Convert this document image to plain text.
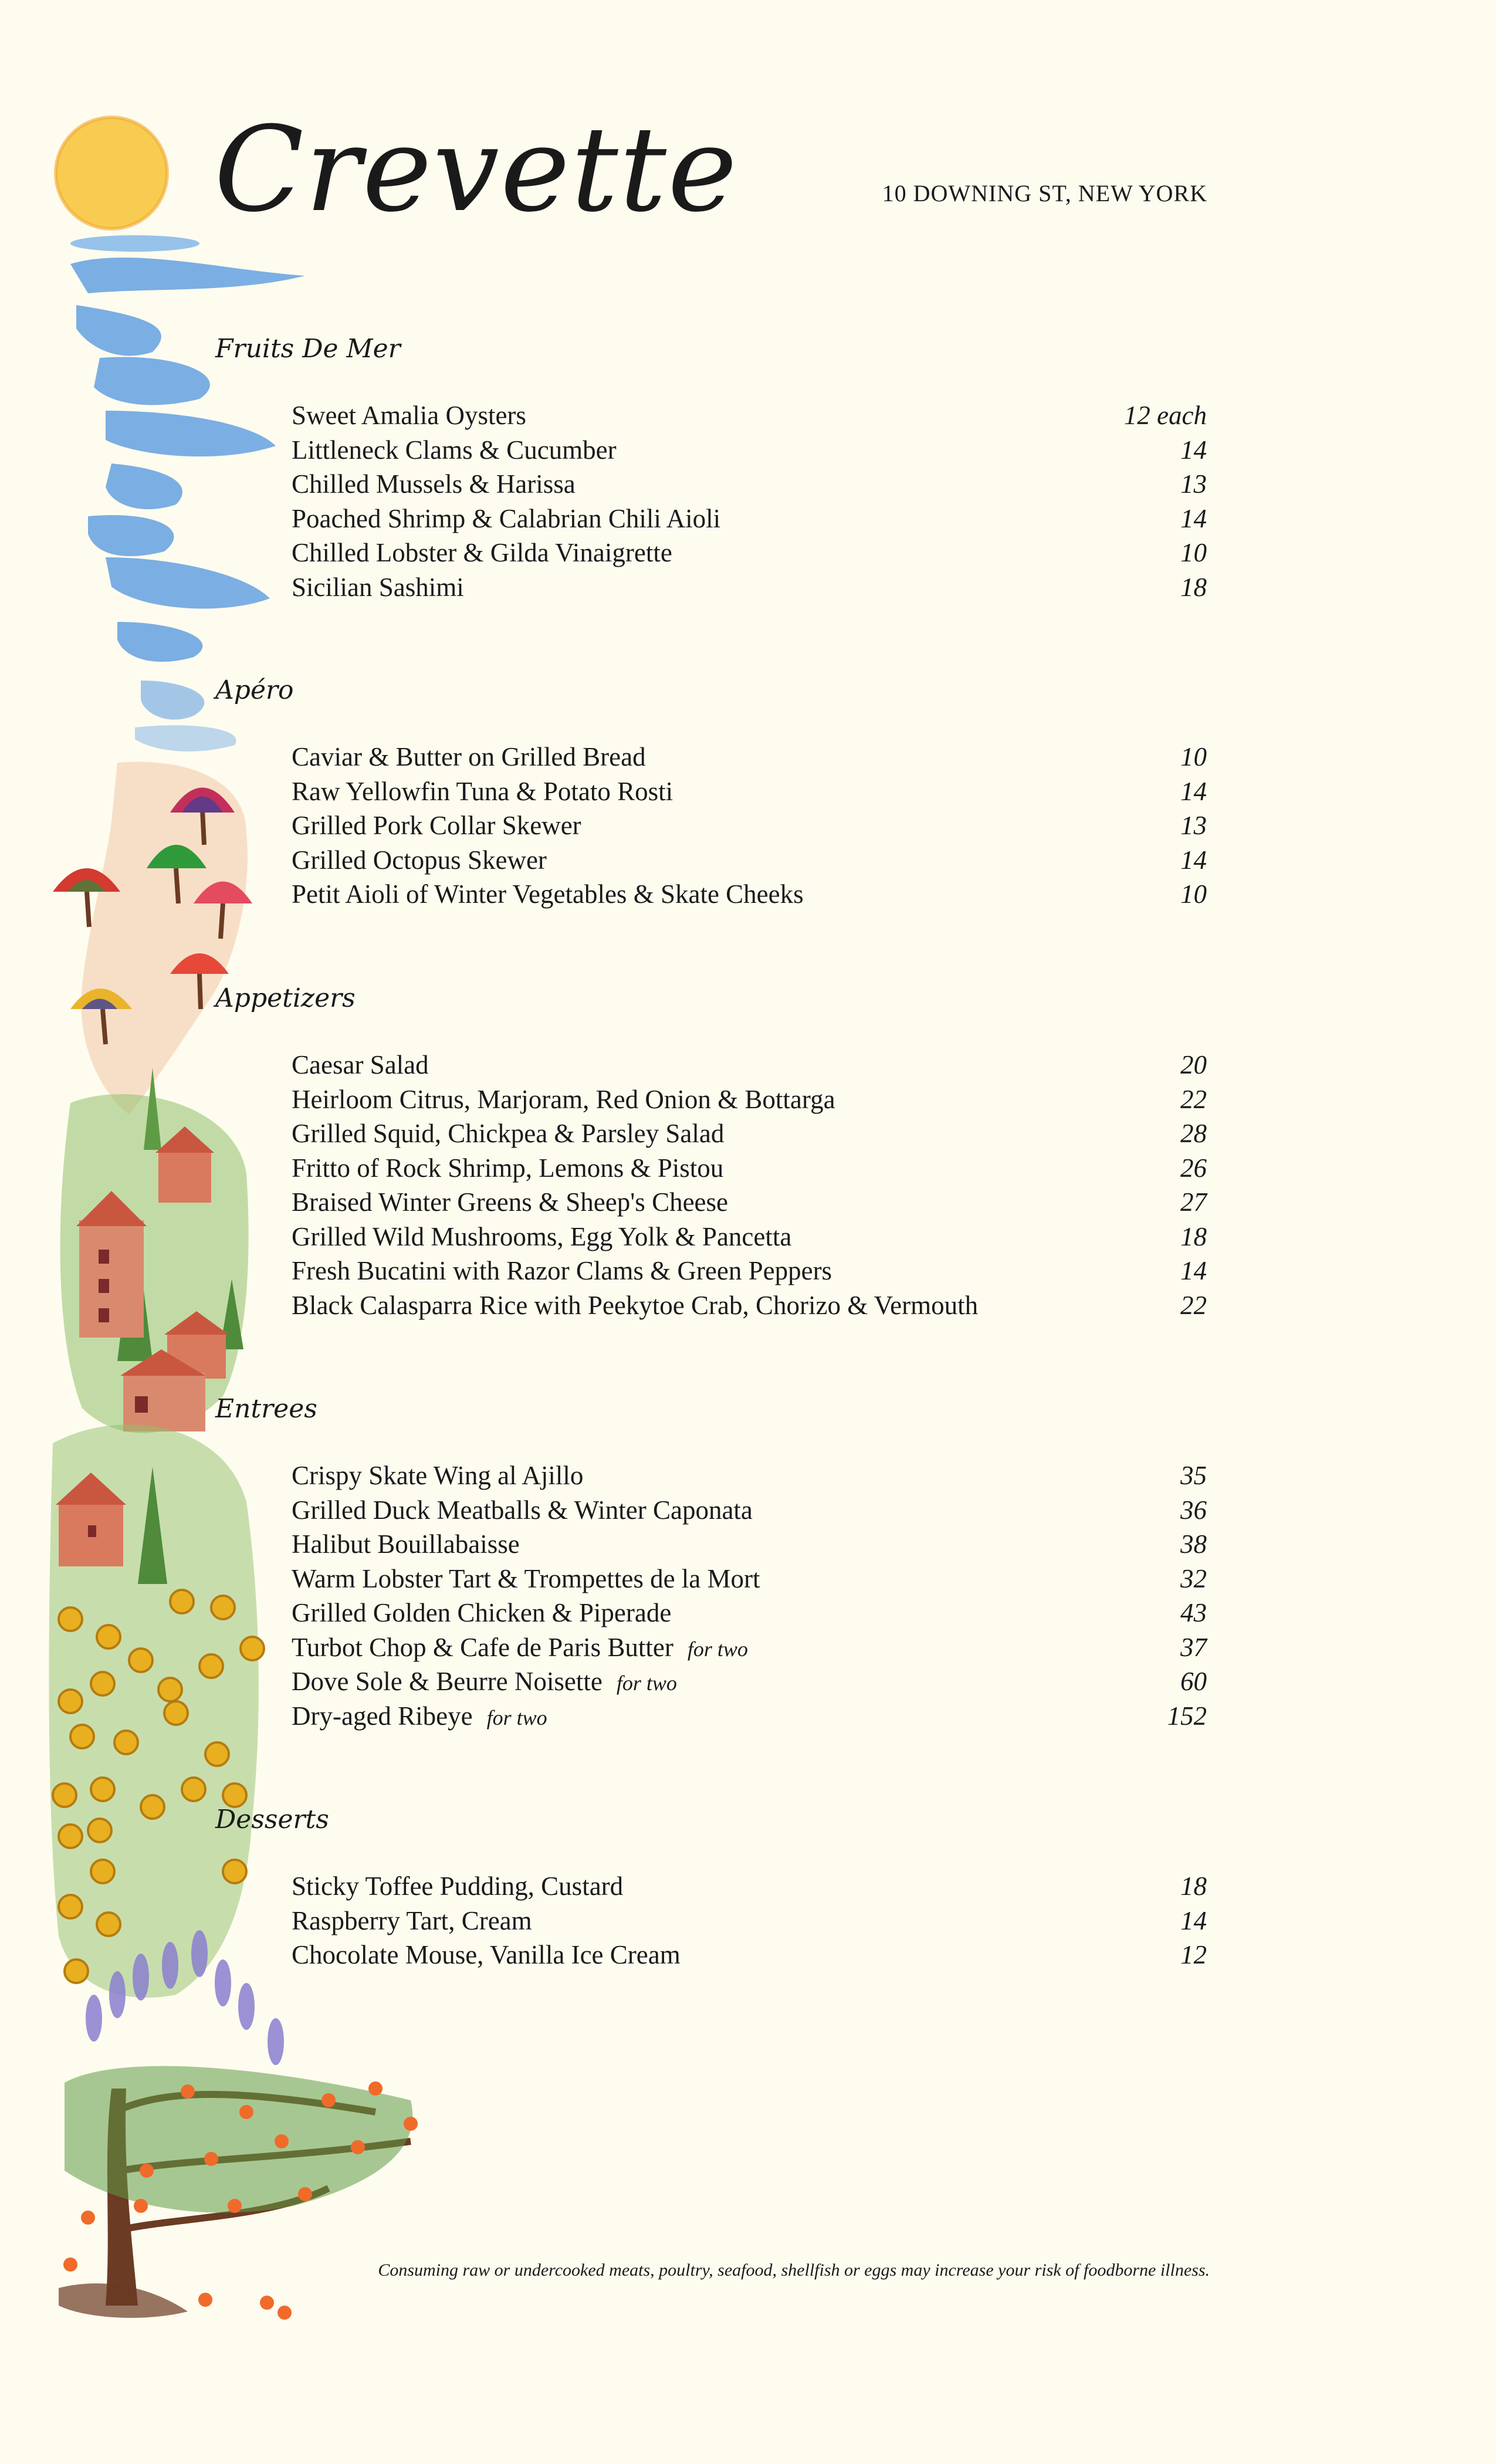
Crevette	10 DOWNING ST, NEW YORK
Fruits De Mer
Sweet Amalia Oysters	12 each
Littleneck Clams & Cucumber	14
Chilled Mussels & Harissa	13
Poached Shrimp & Calabrian Chili Aioli	14
Chilled Lobster & Gilda Vinaigrette	10
Sicilian Sashimi	18
Apéro
Caviar & Butter on Grilled Bread	10
Raw Yellowfin Tuna & Potato Rosti	14
Grilled Pork Collar Skewer	13
Grilled Octopus Skewer	14
Petit Aioli of Winter Vegetables & Skate Cheeks	10
Appetizers
Caesar Salad	20
Heirloom Citrus, Marjoram, Red Onion & Bottarga	22
Grilled Squid, Chickpea & Parsley Salad	28
Fritto of Rock Shrimp, Lemons & Pistou	26
Braised Winter Greens & Sheep's Cheese	27
Grilled Wild Mushrooms, Egg Yolk & Pancetta	18
Fresh Bucatini with Razor Clams & Green Peppers	14
Black Calasparra Rice with Peekytoe Crab, Chorizo & Vermouth	22
Entrees
Crispy Skate Wing al Ajillo	35
Grilled Duck Meatballs & Winter Caponata	36
Halibut Bouillabaisse	38
Warm Lobster Tart & Trompettes de la Mort	32
Grilled Golden Chicken & Piperade	43
Turbot Chop & Cafe de Paris Butter for two	37
Dove Sole & Beurre Noisette for two	60
Dry-aged Ribeye for two	152
Desserts
Sticky Toffee Pudding, Custard	18
Raspberry Tart, Cream	14
Chocolate Mouse, Vanilla Ice Cream	12

Consuming raw or undercooked meats, poultry, seafood, shellfish or eggs may increase your risk of foodborne illness.
